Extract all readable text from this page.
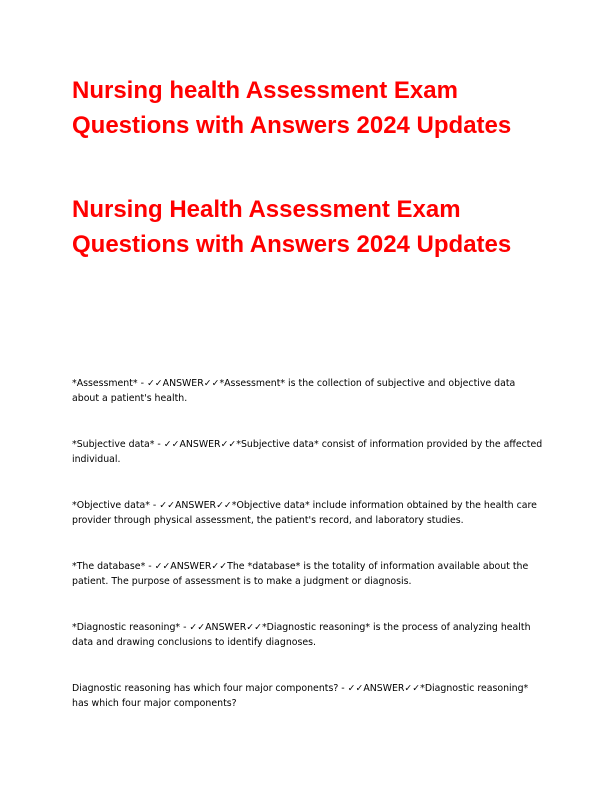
Nursing health Assessment Exam Questions with Answers 2024 Updates
Nursing Health Assessment Exam Questions with Answers 2024 Updates

*Assessment* - ✓✓ANSWER✓✓*Assessment* is the collection of subjective and objective data about a patient's health.

*Subjective data* - ✓✓ANSWER✓✓*Subjective data* consist of information provided by the affected individual.

*Objective data* - ✓✓ANSWER✓✓*Objective data* include information obtained by the health care provider through physical assessment, the patient's record, and laboratory studies.

*The database* - ✓✓ANSWER✓✓The *database* is the totality of information available about the patient. The purpose of assessment is to make a judgment or diagnosis.

*Diagnostic reasoning* - ✓✓ANSWER✓✓*Diagnostic reasoning* is the process of analyzing health data and drawing conclusions to identify diagnoses.

Diagnostic reasoning has which four major components? - ✓✓ANSWER✓✓*Diagnostic reasoning* has which four major components?
